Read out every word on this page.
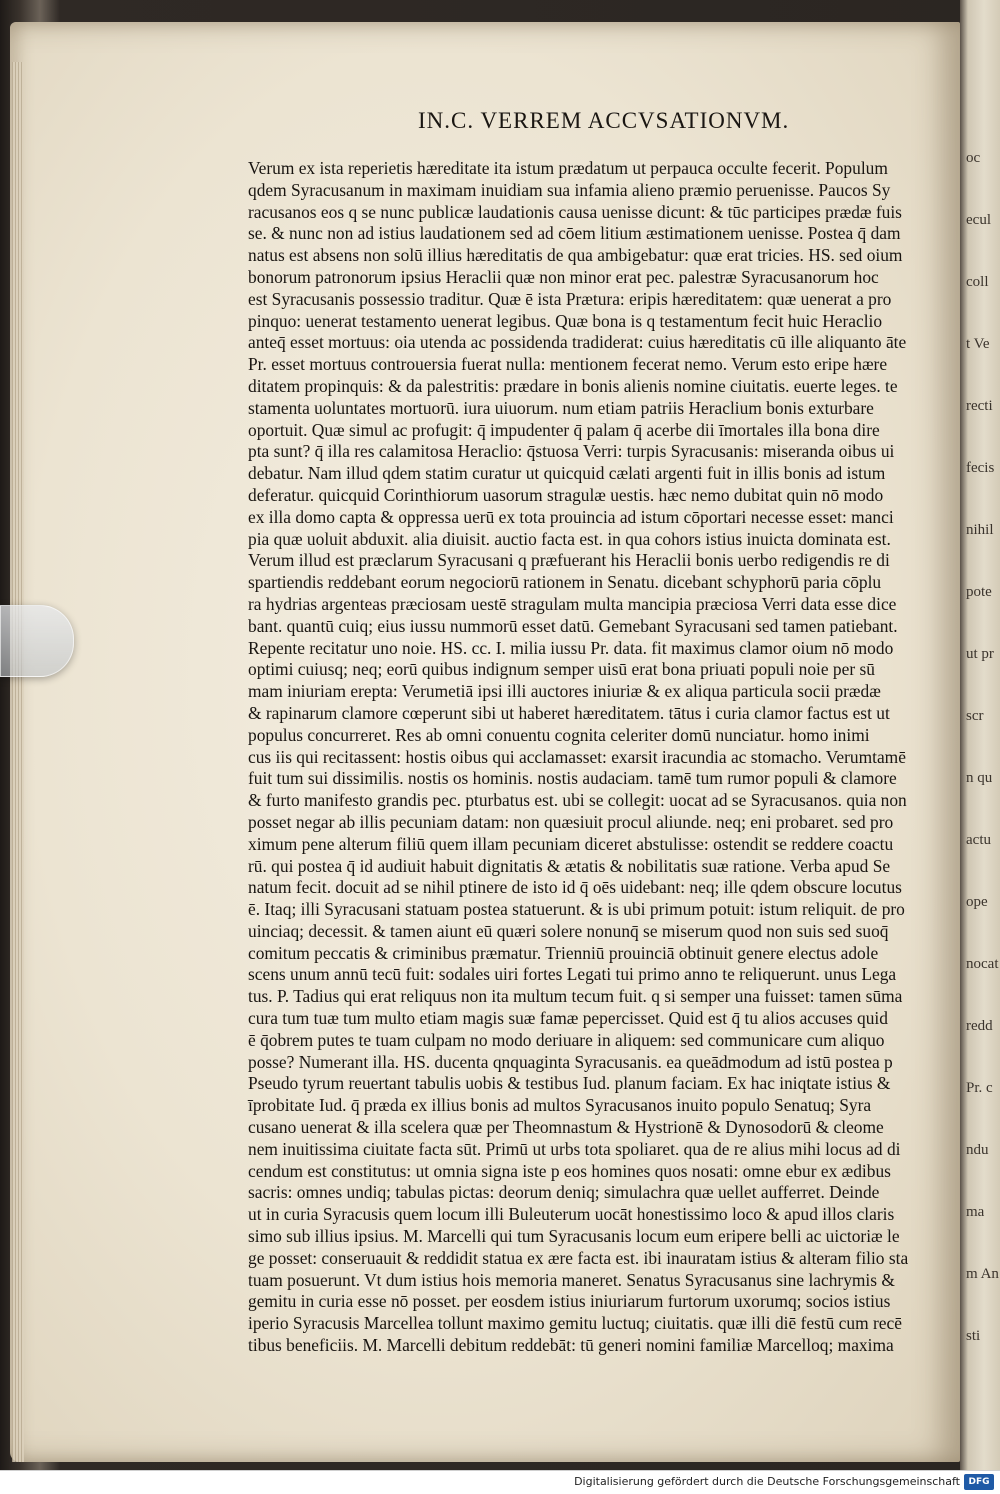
IN.C. VERREM ACCVSATIONVM.
Verum ex ista reperietis hæreditate ita istum prædatum ut perpauca occulte fecerit. Populum
qdem Syracusanum in maximam inuidiam sua infamia alieno præmio peruenisse. Paucos Sy
racusanos eos q se nunc publicæ laudationis causa uenisse dicunt: & tūc participes prædæ fuis
se. & nunc non ad istius laudationem sed ad cōem litium æstimationem uenisse. Postea q̄ dam
natus est absens non solū illius hæreditatis de qua ambigebatur: quæ erat tricies. HS. sed oium
bonorum patronorum ipsius Heraclii quæ non minor erat pec. palestræ Syracusanorum hoc
est Syracusanis possessio traditur. Quæ ē ista Prætura: eripis hæreditatem: quæ uenerat a pro
pinquo: uenerat testamento uenerat legibus. Quæ bona is q testamentum fecit huic Heraclio
anteq̄ esset mortuus: oia utenda ac possidenda tradiderat: cuius hæreditatis cū ille aliquanto āte
Pr. esset mortuus controuersia fuerat nulla: mentionem fecerat nemo. Verum esto eripe hære
ditatem propinquis: & da palestritis: prædare in bonis alienis nomine ciuitatis. euerte leges. te
stamenta uoluntates mortuorū. iura uiuorum. num etiam patriis Heraclium bonis exturbare
oportuit. Quæ simul ac profugit: q̄ impudenter q̄ palam q̄ acerbe dii īmortales illa bona dire
pta sunt? q̄ illa res calamitosa Heraclio: q̄stuosa Verri: turpis Syracusanis: miseranda oibus ui
debatur. Nam illud qdem statim curatur ut quicquid cælati argenti fuit in illis bonis ad istum
deferatur. quicquid Corinthiorum uasorum stragulæ uestis. hæc nemo dubitat quin nō modo
ex illa domo capta & oppressa uerū ex tota prouincia ad istum cōportari necesse esset: manci
pia quæ uoluit abduxit. alia diuisit. auctio facta est. in qua cohors istius inuicta dominata est.
Verum illud est præclarum Syracusani q præfuerant his Heraclii bonis uerbo redigendis re di
spartiendis reddebant eorum negociorū rationem in Senatu. dicebant schyphorū paria cōplu
ra hydrias argenteas præciosam uestē stragulam multa mancipia præciosa Verri data esse dice
bant. quantū cuiq; eius iussu nummorū esset datū. Gemebant Syracusani sed tamen patiebant.
Repente recitatur uno noie. HS. cc. I. milia iussu Pr. data. fit maximus clamor oium nō modo
optimi cuiusq; neq; eorū quibus indignum semper uisū erat bona priuati populi noie per sū
mam iniuriam erepta: Verumetiā ipsi illi auctores iniuriæ & ex aliqua particula socii prædæ
& rapinarum clamore cœperunt sibi ut haberet hæreditatem. tātus i curia clamor factus est ut
populus concurreret. Res ab omni conuentu cognita celeriter domū nunciatur. homo inimi
cus iis qui recitassent: hostis oibus qui acclamasset: exarsit iracundia ac stomacho. Verumtamē
fuit tum sui dissimilis. nostis os hominis. nostis audaciam. tamē tum rumor populi & clamore
& furto manifesto grandis pec. pturbatus est. ubi se collegit: uocat ad se Syracusanos. quia non
posset negar ab illis pecuniam datam: non quæsiuit procul aliunde. neq; eni probaret. sed pro
ximum pene alterum filiū quem illam pecuniam diceret abstulisse: ostendit se reddere coactu
rū. qui postea q̄ id audiuit habuit dignitatis & ætatis & nobilitatis suæ ratione. Verba apud Se
natum fecit. docuit ad se nihil ptinere de isto id q̄ oēs uidebant: neq; ille qdem obscure locutus
ē. Itaq; illi Syracusani statuam postea statuerunt. & is ubi primum potuit: istum reliquit. de pro
uinciaq; decessit. & tamen aiunt eū quæri solere nonunq̄ se miserum quod non suis sed suoq̄
comitum peccatis & criminibus præmatur. Trienniū prouinciā obtinuit genere electus adole
scens unum annū tecū fuit: sodales uiri fortes Legati tui primo anno te reliquerunt. unus Lega
tus. P. Tadius qui erat reliquus non ita multum tecum fuit. q si semper una fuisset: tamen sūma
cura tum tuæ tum multo etiam magis suæ famæ pepercisset. Quid est q̄ tu alios accuses quid
ē q̄obrem putes te tuam culpam no modo deriuare in aliquem: sed communicare cum aliquo
posse? Numerant illa. HS. ducenta qnquaginta Syracusanis. ea queādmodum ad istū postea p
Pseudo tyrum reuertant tabulis uobis & testibus Iud. planum faciam. Ex hac iniqtate istius &
īprobitate Iud. q̄ præda ex illius bonis ad multos Syracusanos inuito populo Senatuq; Syra
cusano uenerat & illa scelera quæ per Theomnastum & Hystrionē & Dynosodorū & cleome
nem inuitissima ciuitate facta sūt. Primū ut urbs tota spoliaret. qua de re alius mihi locus ad di
cendum est constitutus: ut omnia signa iste p eos homines quos nosati: omne ebur ex ædibus
sacris: omnes undiq; tabulas pictas: deorum deniq; simulachra quæ uellet aufferret. Deinde
ut in curia Syracusis quem locum illi Buleuterum uocāt honestissimo loco & apud illos claris
simo sub illius ipsius. M. Marcelli qui tum Syracusanis locum eum eripere belli ac uictoriæ le
ge posset: conseruauit & reddidit statua ex ære facta est. ibi inauratam istius & alteram filio sta
tuam posuerunt. Vt dum istius hois memoria maneret. Senatus Syracusanus sine lachrymis &
gemitu in curia esse nō posset. per eosdem istius iniuriarum furtorum uxorumq; socios istius
iperio Syracusis Marcellea tollunt maximo gemitu luctuq; ciuitatis. quæ illi diē festū cum recē
tibus beneficiis. M. Marcelli debitum reddebāt: tū generi nomini familiæ Marcelloq; maxima
oc
ecul
coll
t Ve
recti
fecis
nihil
pote
ut pr
scr
n qu
actu
ope
nocat
redd
Pr. c
ndu
ma
m An
sti
Digitalisierung gefördert durch die Deutsche Forschungsgemeinschaft DFG
